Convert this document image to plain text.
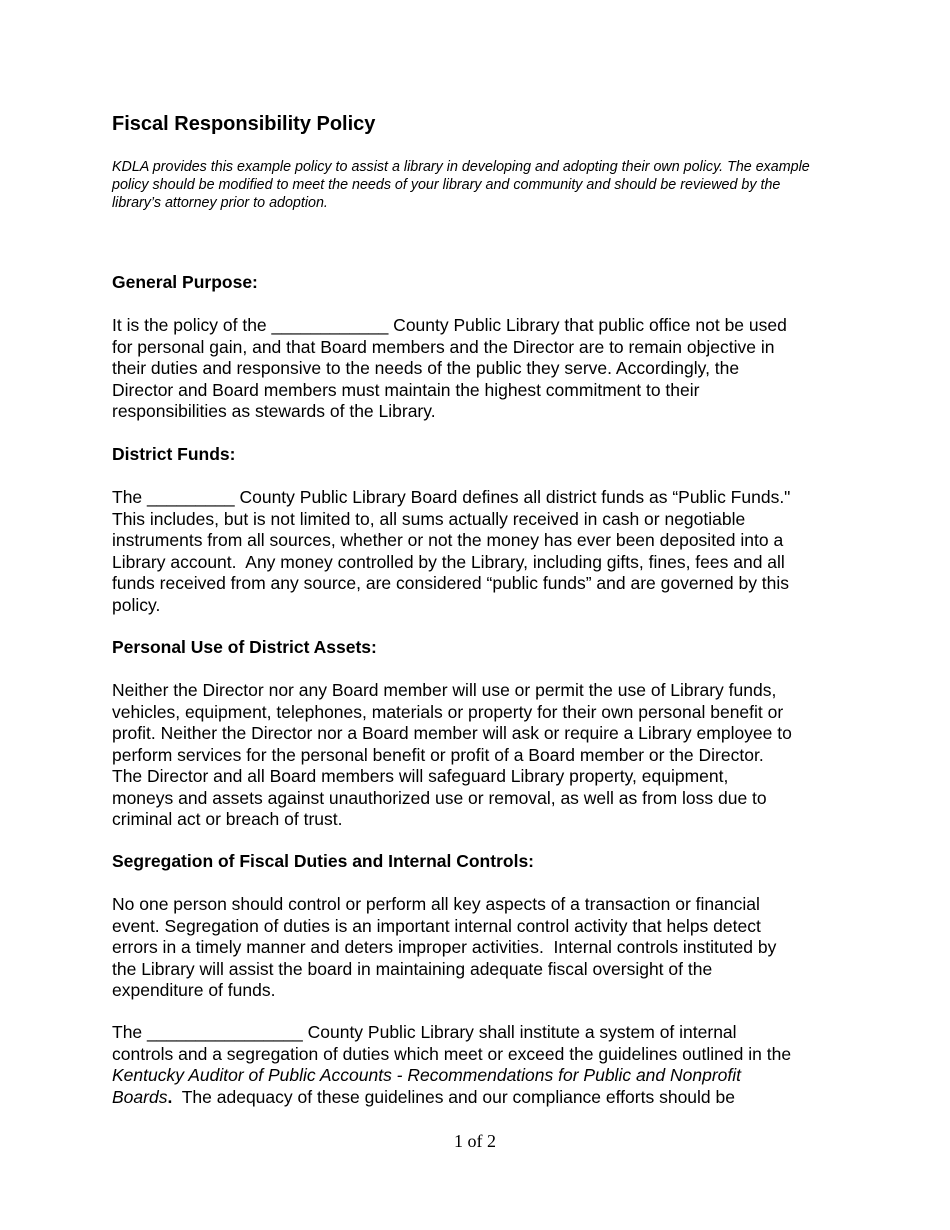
Fiscal Responsibility Policy
KDLA provides this example policy to assist a library in developing and adopting their own policy. The example policy should be modified to meet the needs of your library and community and should be reviewed by the library’s attorney prior to adoption.
General Purpose:
It is the policy of the ____________ County Public Library that public office not be used
for personal gain, and that Board members and the Director are to remain objective in
their duties and responsive to the needs of the public they serve. Accordingly, the
Director and Board members must maintain the highest commitment to their
responsibilities as stewards of the Library.
District Funds:
The _________ County Public Library Board defines all district funds as “Public Funds."
This includes, but is not limited to, all sums actually received in cash or negotiable
instruments from all sources, whether or not the money has ever been deposited into a
Library account.  Any money controlled by the Library, including gifts, fines, fees and all
funds received from any source, are considered “public funds” and are governed by this
policy.
Personal Use of District Assets:
Neither the Director nor any Board member will use or permit the use of Library funds,
vehicles, equipment, telephones, materials or property for their own personal benefit or
profit. Neither the Director nor a Board member will ask or require a Library employee to
perform services for the personal benefit or profit of a Board member or the Director.
The Director and all Board members will safeguard Library property, equipment,
moneys and assets against unauthorized use or removal, as well as from loss due to
criminal act or breach of trust.
Segregation of Fiscal Duties and Internal Controls:
No one person should control or perform all key aspects of a transaction or financial
event. Segregation of duties is an important internal control activity that helps detect
errors in a timely manner and deters improper activities.  Internal controls instituted by
the Library will assist the board in maintaining adequate fiscal oversight of the
expenditure of funds.
The ________________ County Public Library shall institute a system of internal
controls and a segregation of duties which meet or exceed the guidelines outlined in the
Kentucky Auditor of Public Accounts - Recommendations for Public and Nonprofit
Boards.  The adequacy of these guidelines and our compliance efforts should be
1 of 2
